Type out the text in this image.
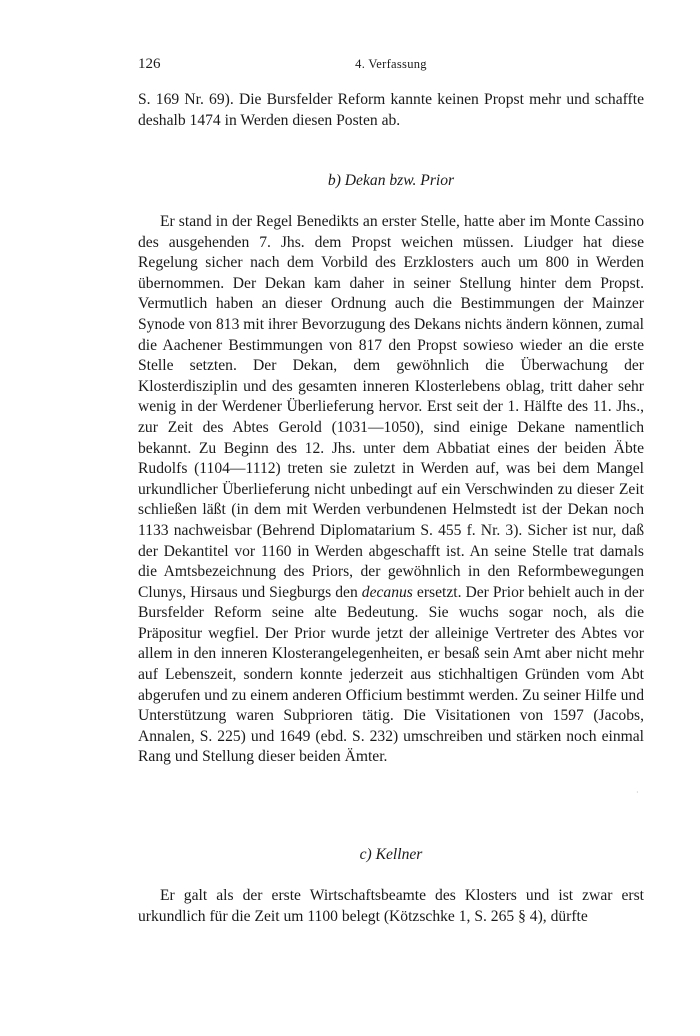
126	4. Verfassung

S. 169 Nr. 69). Die Bursfelder Reform kannte keinen Propst mehr und schaffte deshalb 1474 in Werden diesen Posten ab.

b) Dekan bzw. Prior

Er stand in der Regel Benedikts an erster Stelle, hatte aber im Monte Cassino des ausgehenden 7. Jhs. dem Propst weichen müssen. Liudger hat diese Regelung sicher nach dem Vorbild des Erzklosters auch um 800 in Werden übernommen. Der Dekan kam daher in seiner Stellung hinter dem Propst. Vermutlich haben an dieser Ordnung auch die Bestimmungen der Mainzer Synode von 813 mit ihrer Bevorzugung des Dekans nichts ändern können, zumal die Aachener Bestimmungen von 817 den Propst sowieso wieder an die erste Stelle setzten. Der Dekan, dem gewöhnlich die Überwachung der Klosterdisziplin und des gesamten inneren Klosterlebens oblag, tritt daher sehr wenig in der Werdener Überlieferung hervor. Erst seit der 1. Hälfte des 11. Jhs., zur Zeit des Abtes Gerold (1031—1050), sind einige Dekane namentlich bekannt. Zu Beginn des 12. Jhs. unter dem Abbatiat eines der beiden Äbte Rudolfs (1104—1112) treten sie zuletzt in Werden auf, was bei dem Mangel urkundlicher Überlieferung nicht unbedingt auf ein Verschwinden zu dieser Zeit schließen läßt (in dem mit Werden verbundenen Helmstedt ist der Dekan noch 1133 nachweisbar (Behrend Diplomatarium S. 455 f. Nr. 3). Sicher ist nur, daß der Dekantitel vor 1160 in Werden abgeschafft ist. An seine Stelle trat damals die Amtsbezeichnung des Priors, der gewöhnlich in den Reformbewegungen Clunys, Hirsaus und Siegburgs den decanus ersetzt. Der Prior behielt auch in der Bursfelder Reform seine alte Bedeutung. Sie wuchs sogar noch, als die Präpositur wegfiel. Der Prior wurde jetzt der alleinige Vertreter des Abtes vor allem in den inneren Klosterangelegenheiten, er besaß sein Amt aber nicht mehr auf Lebenszeit, sondern konnte jederzeit aus stichhaltigen Gründen vom Abt abgerufen und zu einem anderen Officium bestimmt werden. Zu seiner Hilfe und Unterstützung waren Subprioren tätig. Die Visitationen von 1597 (Jacobs, Annalen, S. 225) und 1649 (ebd. S. 232) umschreiben und stärken noch einmal Rang und Stellung dieser beiden Ämter.

·
c) Kellner

Er galt als der erste Wirtschaftsbeamte des Klosters und ist zwar erst urkundlich für die Zeit um 1100 belegt (Kötzschke 1, S. 265 § 4), dürfte
